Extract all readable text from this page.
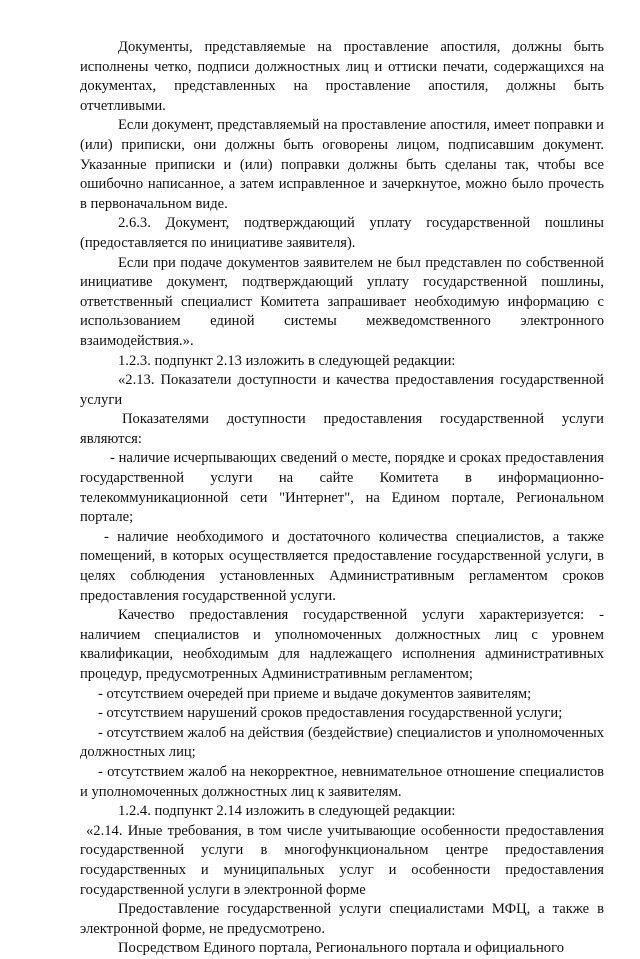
Документы, представляемые на проставление апостиля, должны быть исполнены четко, подписи должностных лиц и оттиски печати, содержащихся на документах, представленных на проставление апостиля, должны быть отчетливыми.

Если документ, представляемый на проставление апостиля, имеет поправки и (или) приписки, они должны быть оговорены лицом, подписавшим документ. Указанные приписки и (или) поправки должны быть сделаны так, чтобы все ошибочно написанное, а затем исправленное и зачеркнутое, можно было прочесть в первоначальном виде.

2.6.3. Документ, подтверждающий уплату государственной пошлины (предоставляется по инициативе заявителя).

Если при подаче документов заявителем не был представлен по собственной инициативе документ, подтверждающий уплату государственной пошлины, ответственный специалист Комитета запрашивает необходимую информацию с использованием единой системы межведомственного электронного взаимодействия.».

1.2.3. подпункт 2.13 изложить в следующей редакции:

«2.13. Показатели доступности и качества предоставления государственной услуги

Показателями доступности предоставления государственной услуги являются:

- наличие исчерпывающих сведений о месте, порядке и сроках предоставления государственной услуги на сайте Комитета в информационно-телекоммуникационной сети "Интернет", на Едином портале, Региональном портале;

- наличие необходимого и достаточного количества специалистов, а также помещений, в которых осуществляется предоставление государственной услуги, в целях соблюдения установленных Административным регламентом сроков предоставления государственной услуги.

Качество предоставления государственной услуги характеризуется: - наличием специалистов и уполномоченных должностных лиц с уровнем квалификации, необходимым для надлежащего исполнения административных процедур, предусмотренных Административным регламентом;

- отсутствием очередей при приеме и выдаче документов заявителям;

- отсутствием нарушений сроков предоставления государственной услуги;

- отсутствием жалоб на действия (бездействие) специалистов и уполномоченных должностных лиц;

- отсутствием жалоб на некорректное, невнимательное отношение специалистов и уполномоченных должностных лиц к заявителям.

1.2.4. подпункт 2.14 изложить в следующей редакции:

«2.14. Иные требования, в том числе учитывающие особенности предоставления государственной услуги в многофункциональном центре предоставления государственных и муниципальных услуг и особенности предоставления государственной услуги в электронной форме

Предоставление государственной услуги специалистами МФЦ, а также в электронной форме, не предусмотрено.

Посредством Единого портала, Регионального портала и официального
